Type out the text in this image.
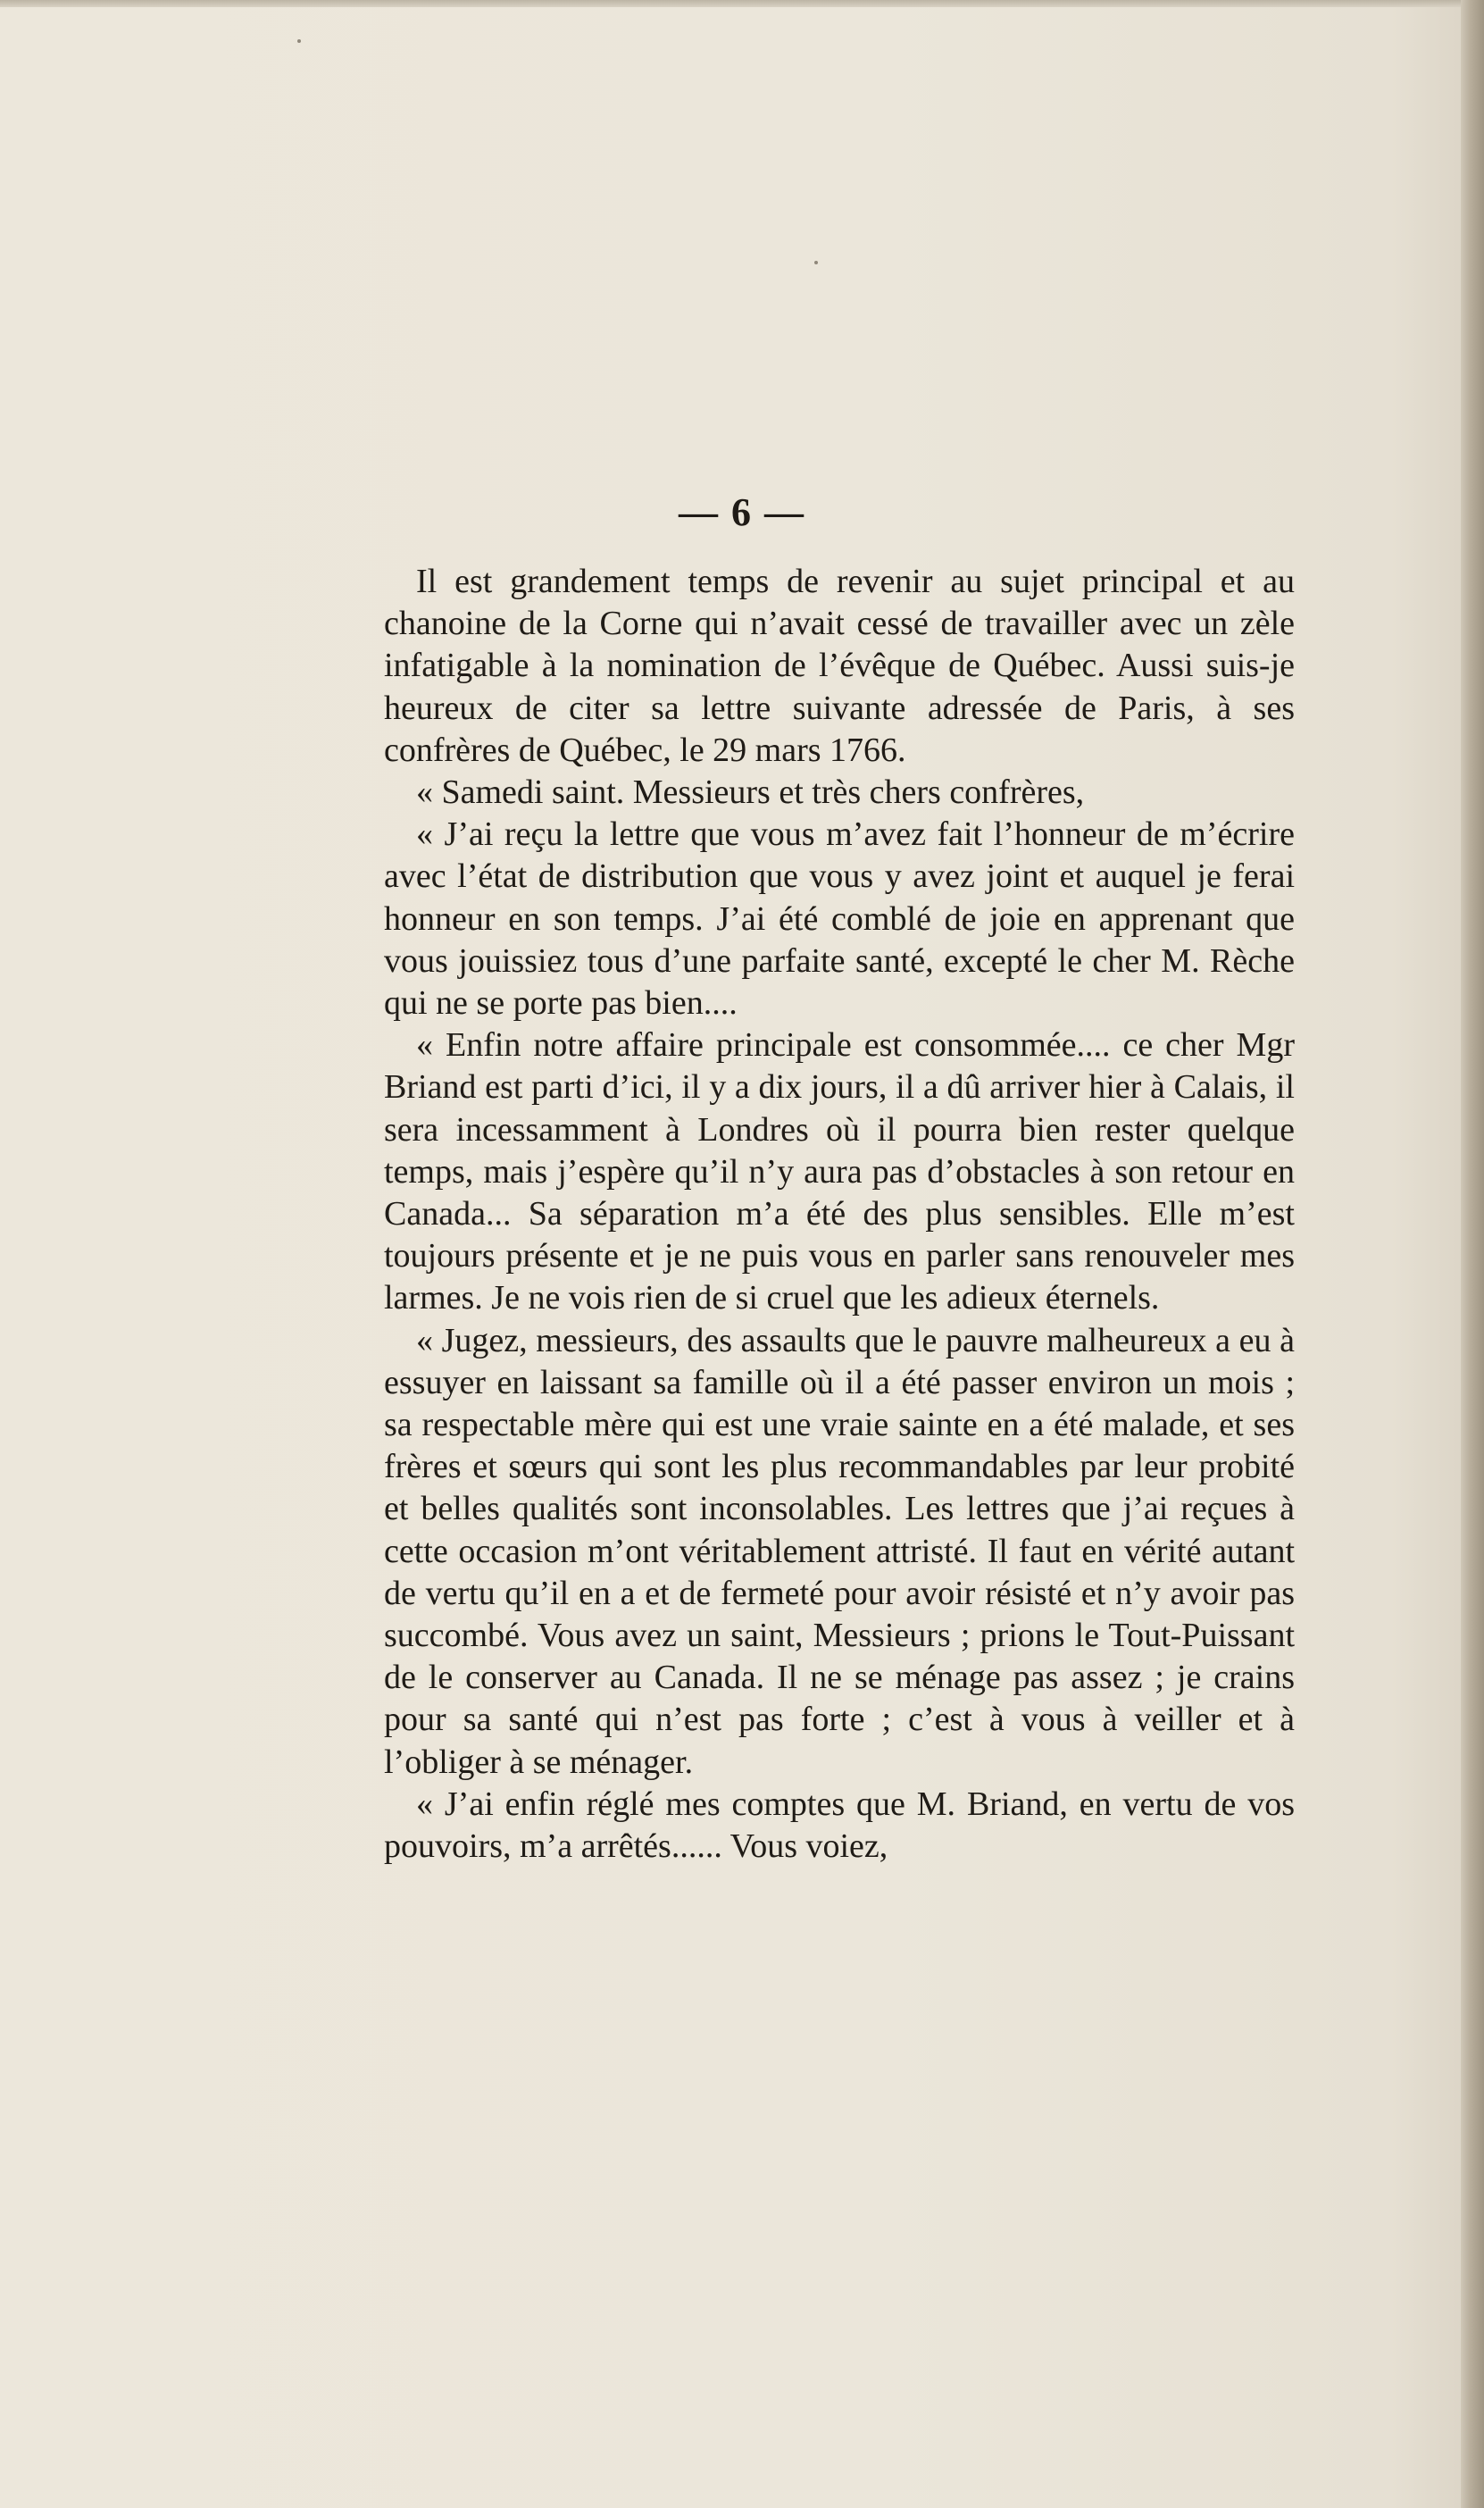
— 6 —

Il est grandement temps de revenir au sujet principal et au chanoine de la Corne qui n’avait cessé de travailler avec un zèle infatigable à la nomination de l’évêque de Québec. Aussi suis-je heureux de citer sa lettre suivante adressée de Paris, à ses confrères de Québec, le 29 mars 1766.

« Samedi saint. Messieurs et très chers confrères,

« J’ai reçu la lettre que vous m’avez fait l’honneur de m’écrire avec l’état de distribution que vous y avez joint et auquel je ferai honneur en son temps. J’ai été comblé de joie en apprenant que vous jouissiez tous d’une parfaite santé, excepté le cher M. Rèche qui ne se porte pas bien....

« Enfin notre affaire principale est consommée.... ce cher Mgr Briand est parti d’ici, il y a dix jours, il a dû arriver hier à Calais, il sera incessamment à Londres où il pourra bien rester quelque temps, mais j’espère qu’il n’y aura pas d’obstacles à son retour en Canada... Sa séparation m’a été des plus sensibles. Elle m’est toujours présente et je ne puis vous en parler sans renouveler mes larmes. Je ne vois rien de si cruel que les adieux éternels.

« Jugez, messieurs, des assaults que le pauvre malheureux a eu à essuyer en laissant sa famille où il a été passer environ un mois ; sa respectable mère qui est une vraie sainte en a été malade, et ses frères et sœurs qui sont les plus recommandables par leur probité et belles qualités sont inconsolables. Les lettres que j’ai reçues à cette occasion m’ont véritablement attristé. Il faut en vérité autant de vertu qu’il en a et de fermeté pour avoir résisté et n’y avoir pas succombé. Vous avez un saint, Messieurs ; prions le Tout-Puissant de le conserver au Canada. Il ne se ménage pas assez ; je crains pour sa santé qui n’est pas forte ; c’est à vous à veiller et à l’obliger à se ménager.

« J’ai enfin réglé mes comptes que M. Briand, en vertu de vos pouvoirs, m’a arrêtés...... Vous voiez,
